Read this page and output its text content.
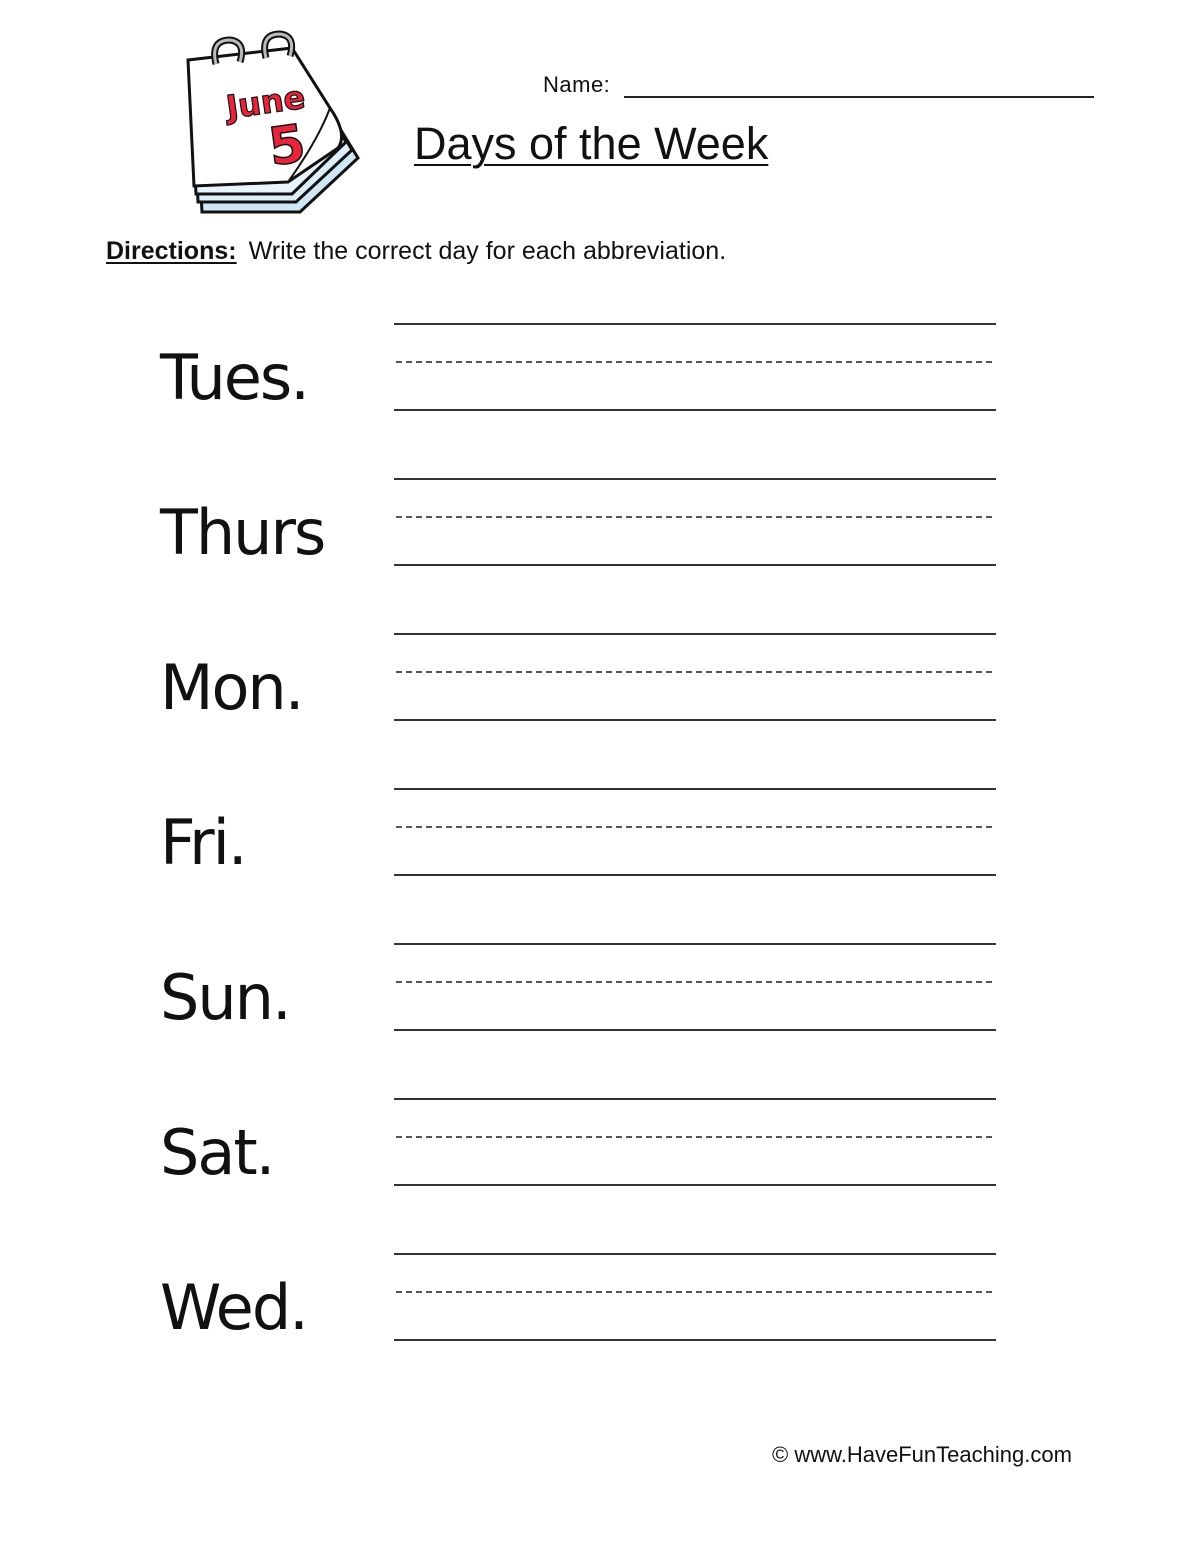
June
5
Name:
Days of the Week
Directions: Write the correct day for each abbreviation.
Tues.
Thurs
Mon.
Fri.
Sun.
Sat.
Wed.
© www.HaveFunTeaching.com
